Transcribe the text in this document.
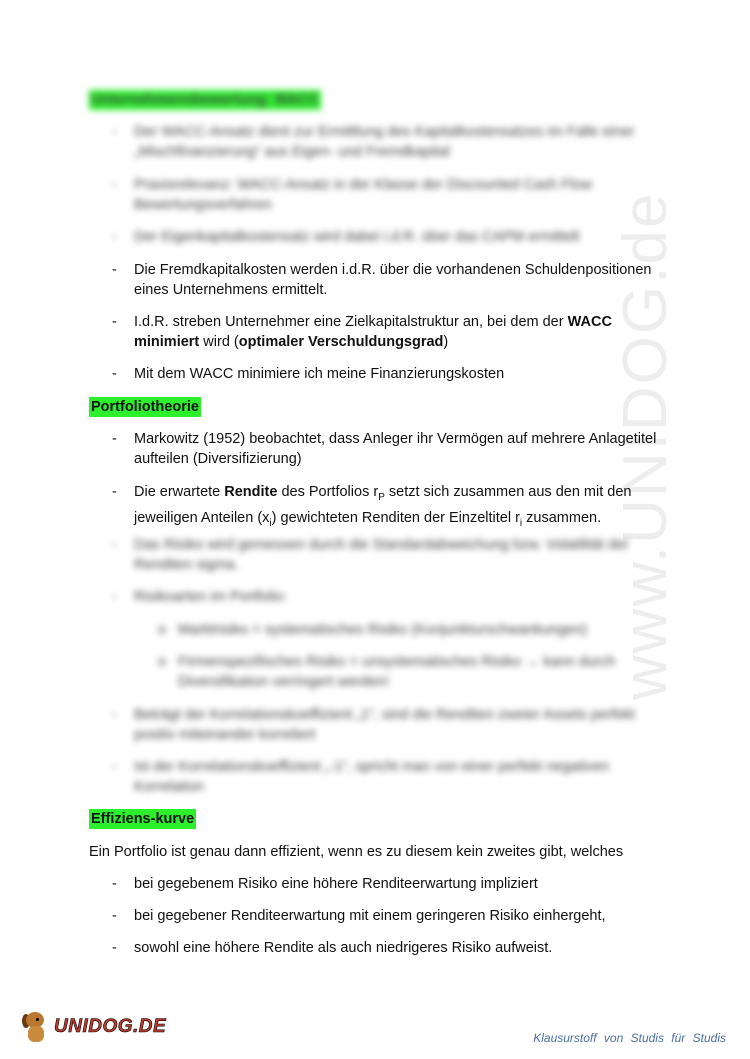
www.UNIDOG.de
Unternehmensbewertung: WACC
- Der WACC-Ansatz dient zur Ermittlung des Kapitalkostensatzes im Falle einer „Mischfinanzierung“ aus Eigen- und Fremdkapital
- Praxisrelevanz: WACC-Ansatz in der Klasse der Discounted Cash Flow Bewertungsverfahren
- Der Eigenkapitalkostensatz wird dabei i.d.R. über das CAPM ermittelt
- Die Fremdkapitalkosten werden i.d.R. über die vorhandenen Schuldenpositionen eines Unternehmens ermittelt.
- I.d.R. streben Unternehmer eine Zielkapitalstruktur an, bei dem der WACC minimiert wird (optimaler Verschuldungsgrad)
- Mit dem WACC minimiere ich meine Finanzierungskosten
Portfoliotheorie
- Markowitz (1952) beobachtet, dass Anleger ihr Vermögen auf mehrere Anlagetitel aufteilen (Diversifizierung)
- Die erwartete Rendite des Portfolios $r_P$ setzt sich zusammen aus den mit den jeweiligen Anteilen $(x_i)$ gewichteten Renditen der Einzeltitel $r_i$ zusammen.
- Das Risiko wird gemessen durch die Standardabweichung bzw. Volatilität der Renditen sigma.
- Risikoarten im Portfolio:
o Marktrisiko = systematisches Risiko (Konjunkturschwankungen)
o Firmenspezifisches Risiko = unsystematisches Risiko → kann durch Diversifikation verringert werden!
- Beträgt der Korrelationskoeffizient „1“, sind die Renditen zweier Assets perfekt positiv miteinander korreliert
- Ist der Korrelationskoeffizient „-1“, spricht man von einer perfekt negativen Korrelation
Effiziens-kurve
Ein Portfolio ist genau dann effizient, wenn es zu diesem kein zweites gibt, welches
- bei gegebenem Risiko eine höhere Renditeerwartung impliziert
- bei gegebener Renditeerwartung mit einem geringeren Risiko einhergeht,
- sowohl eine höhere Rendite als auch niedrigeres Risiko aufweist.
UNIDOG.DE
Klausurstoff von Studis für Studis
